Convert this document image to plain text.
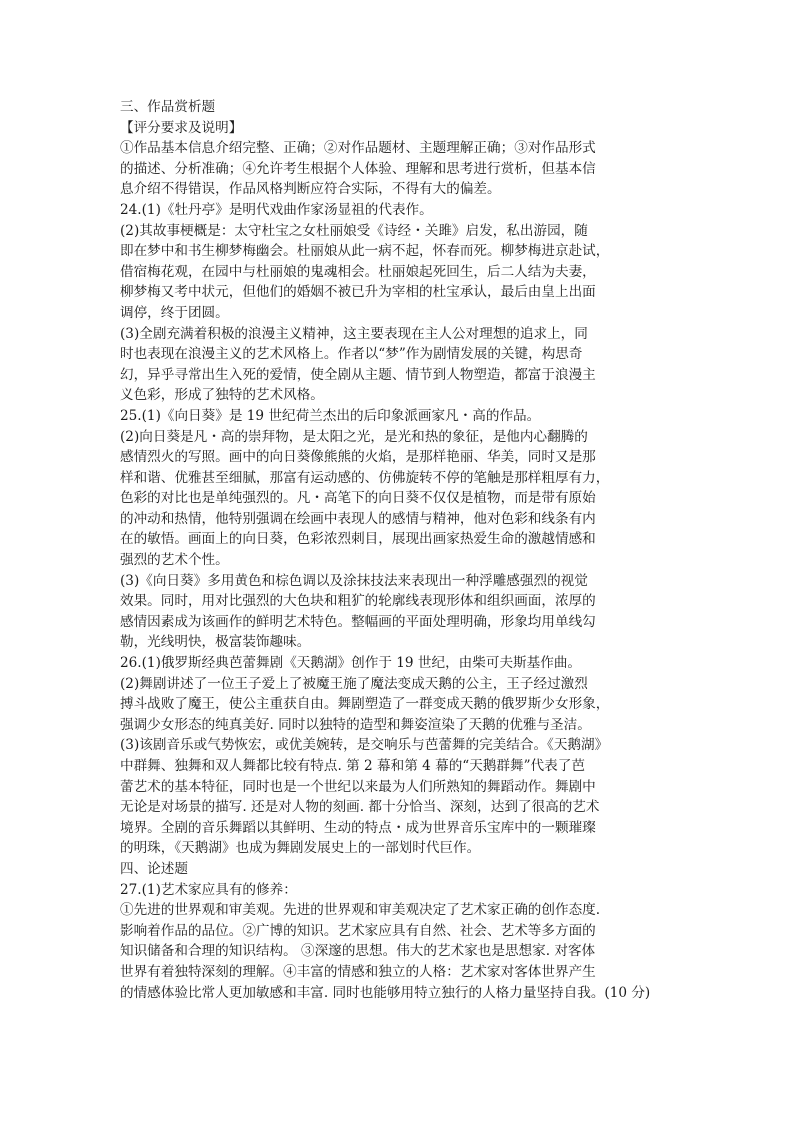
三、作品赏析题
【评分要求及说明】
①作品基本信息介绍完整、正确；②对作品题材、主题理解正确；③对作品形式
的描述、分析准确；④允许考生根据个人体验、理解和思考进行赏析，但基本信
息介绍不得错误，作品风格判断应符合实际，不得有大的偏差。
24.(1)《牡丹亭》是明代戏曲作家汤显祖的代表作。
(2)其故事梗概是：太守杜宝之女杜丽娘受《诗经・关雎》启发，私出游园，随
即在梦中和书生柳梦梅幽会。杜丽娘从此一病不起，怀春而死。柳梦梅进京赴试，
借宿梅花观，在园中与杜丽娘的鬼魂相会。杜丽娘起死回生，后二人结为夫妻，
柳梦梅又考中状元，但他们的婚姻不被已升为宰相的杜宝承认，最后由皇上出面
调停，终于团圆。
(3)全剧充满着积极的浪漫主义精神，这主要表现在主人公对理想的追求上，同
时也表现在浪漫主义的艺术风格上。作者以“梦”作为剧情发展的关键，构思奇
幻，异乎寻常出生入死的爱情，使全剧从主题、情节到人物塑造，都富于浪漫主
义色彩，形成了独特的艺术风格。
25.(1)《向日葵》是 19 世纪荷兰杰出的后印象派画家凡・高的作品。
(2)向日葵是凡・高的崇拜物，是太阳之光，是光和热的象征，是他内心翻腾的
感情烈火的写照。画中的向日葵像熊熊的火焰，是那样艳丽、华美，同时又是那
样和谐、优雅甚至细腻，那富有运动感的、仿佛旋转不停的笔触是那样粗厚有力，
色彩的对比也是单纯强烈的。凡・高笔下的向日葵不仅仅是植物，而是带有原始
的冲动和热情，他特别强调在绘画中表现人的感情与精神，他对色彩和线条有内
在的敏悟。画面上的向日葵，色彩浓烈刺目，展现出画家热爱生命的激越情感和
强烈的艺术个性。
(3)《向日葵》多用黄色和棕色调以及涂抹技法来表现出一种浮雕感强烈的视觉
效果。同时，用对比强烈的大色块和粗犷的轮廓线表现形体和组织画面，浓厚的
感情因素成为该画作的鲜明艺术特色。整幅画的平面处理明确，形象均用单线勾
勒，光线明快，极富装饰趣味。
26.(1)俄罗斯经典芭蕾舞剧《天鹅湖》创作于 19 世纪，由柴可夫斯基作曲。
(2)舞剧讲述了一位王子爱上了被魔王施了魔法变成天鹅的公主，王子经过激烈
搏斗战败了魔王，使公主重获自由。舞剧塑造了一群变成天鹅的俄罗斯少女形象，
强调少女形态的纯真美好. 同时以独特的造型和舞姿渲染了天鹅的优雅与圣洁。
(3)该剧音乐或气势恢宏，或优美婉转，是交响乐与芭蕾舞的完美结合。《天鹅湖》
中群舞、独舞和双人舞都比较有特点. 第 2 幕和第 4 幕的“天鹅群舞”代表了芭
蕾艺术的基本特征，同时也是一个世纪以来最为人们所熟知的舞蹈动作。舞剧中
无论是对场景的描写. 还是对人物的刻画. 都十分恰当、深刻，达到了很高的艺术
境界。全剧的音乐舞蹈以其鲜明、生动的特点・成为世界音乐宝库中的一颗璀璨
的明珠，《天鹅湖》也成为舞剧发展史上的一部划时代巨作。
四、论述题
27.(1)艺术家应具有的修养：
①先进的世界观和审美观。先进的世界观和审美观决定了艺术家正确的创作态度.
影响着作品的品位。②广博的知识。艺术家应具有自然、社会、艺术等多方面的
知识储备和合理的知识结构。 ③深邃的思想。伟大的艺术家也是思想家. 对客体
世界有着独特深刻的理解。④丰富的情感和独立的人格：艺术家对客体世界产生
的情感体验比常人更加敏感和丰富. 同时也能够用特立独行的人格力量坚持自我。(10 分)
